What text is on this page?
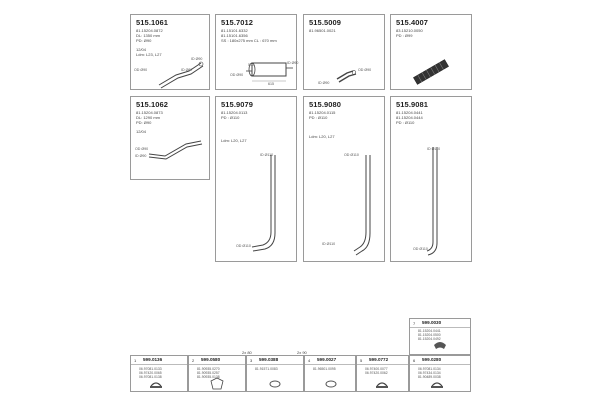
515.1061
81.15204.0872
DL: 1350 mm
PD: Ø90
12/04
Ldm: L23, L27
ID Ø90
ID Ø87
OD Ø90
515.7012
81.15101.6332
81.15101.6356
SS : 180x275 mm CL : 670 mm
ID Ø90
OD Ø90
615
500
515.5009
81.96501.0021
OD Ø90
ID Ø90
515.4007
83.15210.0050
PD : Ø99
515.1062
81.15204.0873
DL: 1290 mm
PD: Ø90
12/04
OD Ø90
ID Ø90
515.9079
81.15204.0113
PD : Ø110
Ldm: L20, L27
ID Ø110
OD Ø110
515.9080
81.15204.0115
PD : Ø110
Ldm: L20, L27
OD Ø110
ID Ø110
515.9081
81.15204.0441
81.15204.0444
PD : Ø110
ID Ø110
OD Ø110
2x 80	2x 90
7 599.0030
81.15204.0441
81.15204.0500
81.15204.0492
1 599.0136
06.97081.0133
06.97420.0065
06.97081.0138
2 599.0580
81.90935.0270
81.90935.0257
81.90935.0138
3 599.0388
81.91571.0083
4 599.0027
81.96501.0095
5 599.0772
06.97400.0077
06.97420.0062
6 599.0280
06.97081.0134
06.97434.0134
81.90489.0038
